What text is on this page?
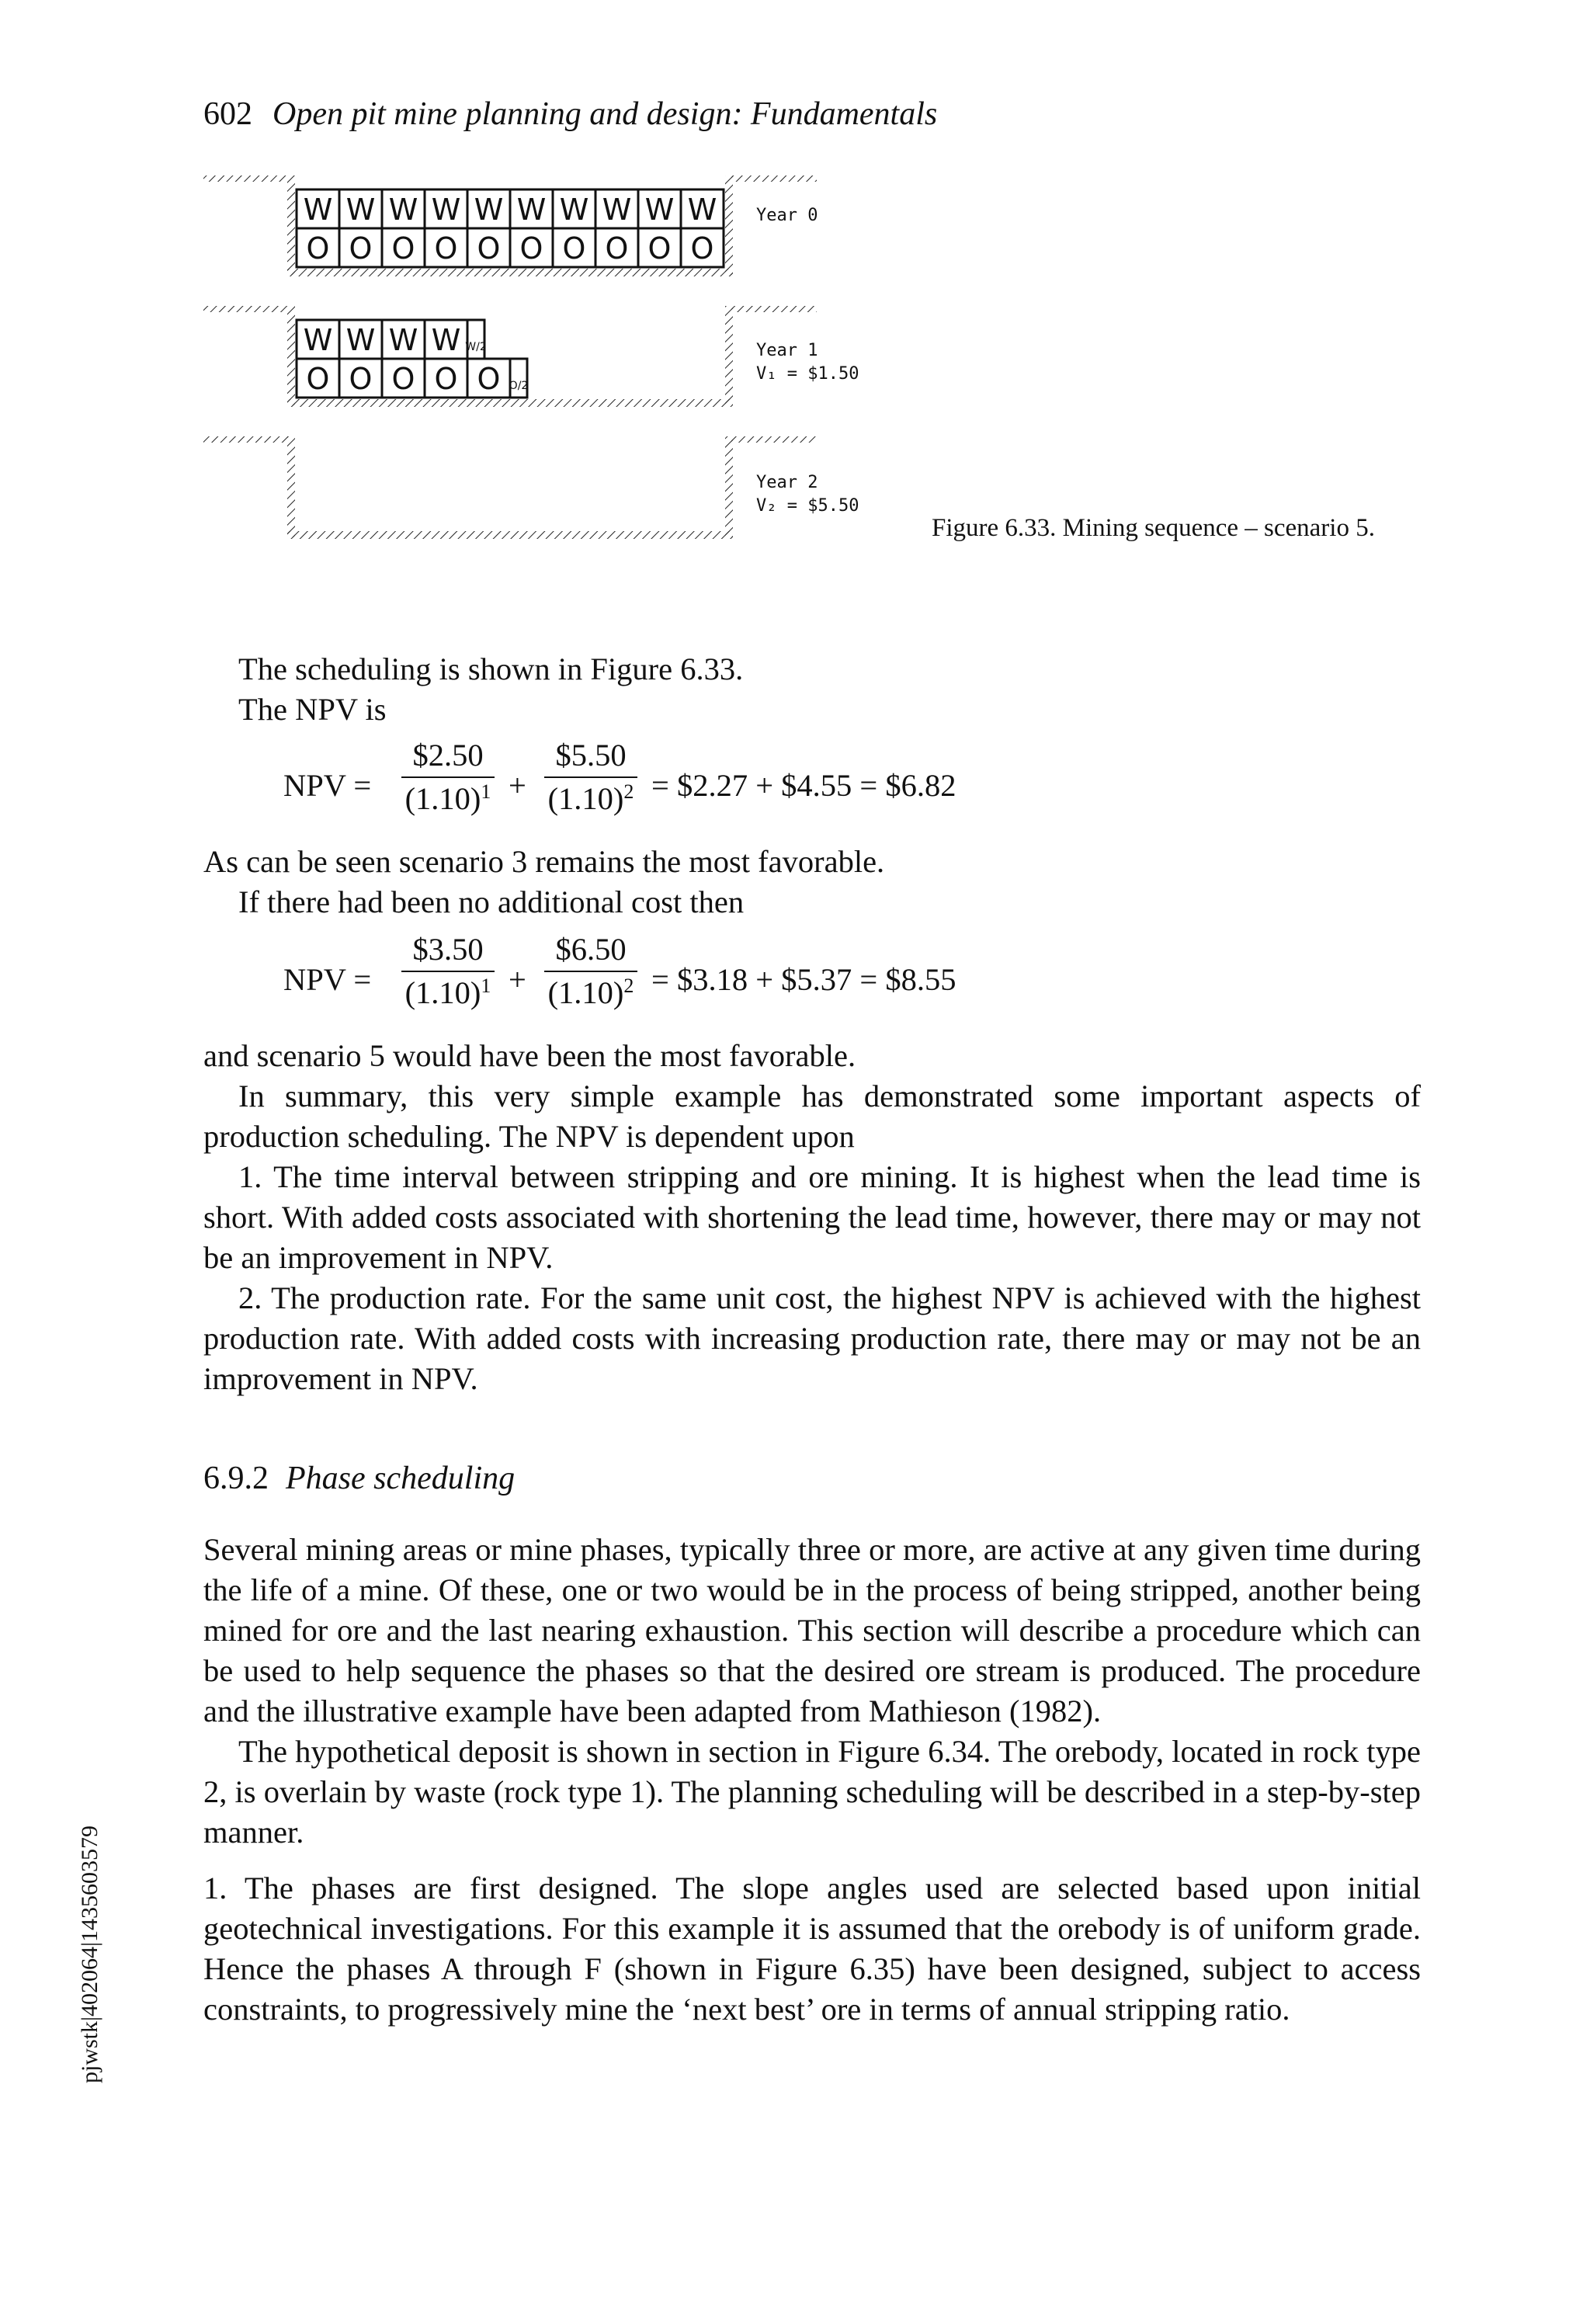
602 Open pit mine planning and design: Fundamentals
pjwstk|402064|1435603579
W W W W W W W W W W
O O O O O O O O O O
W W W W W/2
O O O O O O/2
Year 0
Year 1
V₁ = $1.50
Year 2
V₂ = $5.50
Figure 6.33. Mining sequence – scenario 5.

The scheduling is shown in Figure 6.33.

The NPV is

NPV =
$2.50
$(1.10)^1$ +
$5.50
$(1.10)^2$ = $2.27 + $4.55 = $6.82

As can be seen scenario 3 remains the most favorable.

If there had been no additional cost then

NPV =
$3.50
$(1.10)^1$ +
$6.50
$(1.10)^2$ = $3.18 + $5.37 = $8.55

and scenario 5 would have been the most favorable.

In summary, this very simple example has demonstrated some important aspects of production scheduling. The NPV is dependent upon

1. The time interval between stripping and ore mining. It is highest when the lead time is short. With added costs associated with shortening the lead time, however, there may or may not be an improvement in NPV.

2. The production rate. For the same unit cost, the highest NPV is achieved with the highest production rate. With added costs with increasing production rate, there may or may not be an improvement in NPV.

6.9.2 Phase scheduling

Several mining areas or mine phases, typically three or more, are active at any given time during the life of a mine. Of these, one or two would be in the process of being stripped, another being mined for ore and the last nearing exhaustion. This section will describe a procedure which can be used to help sequence the phases so that the desired ore stream is produced. The procedure and the illustrative example have been adapted from Mathieson (1982).

The hypothetical deposit is shown in section in Figure 6.34. The orebody, located in rock type 2, is overlain by waste (rock type 1). The planning scheduling will be described in a step-by-step manner.

1. The phases are first designed. The slope angles used are selected based upon initial geotechnical investigations. For this example it is assumed that the orebody is of uniform grade. Hence the phases A through F (shown in Figure 6.35) have been designed, subject to access constraints, to progressively mine the ‘next best’ ore in terms of annual stripping ratio.
